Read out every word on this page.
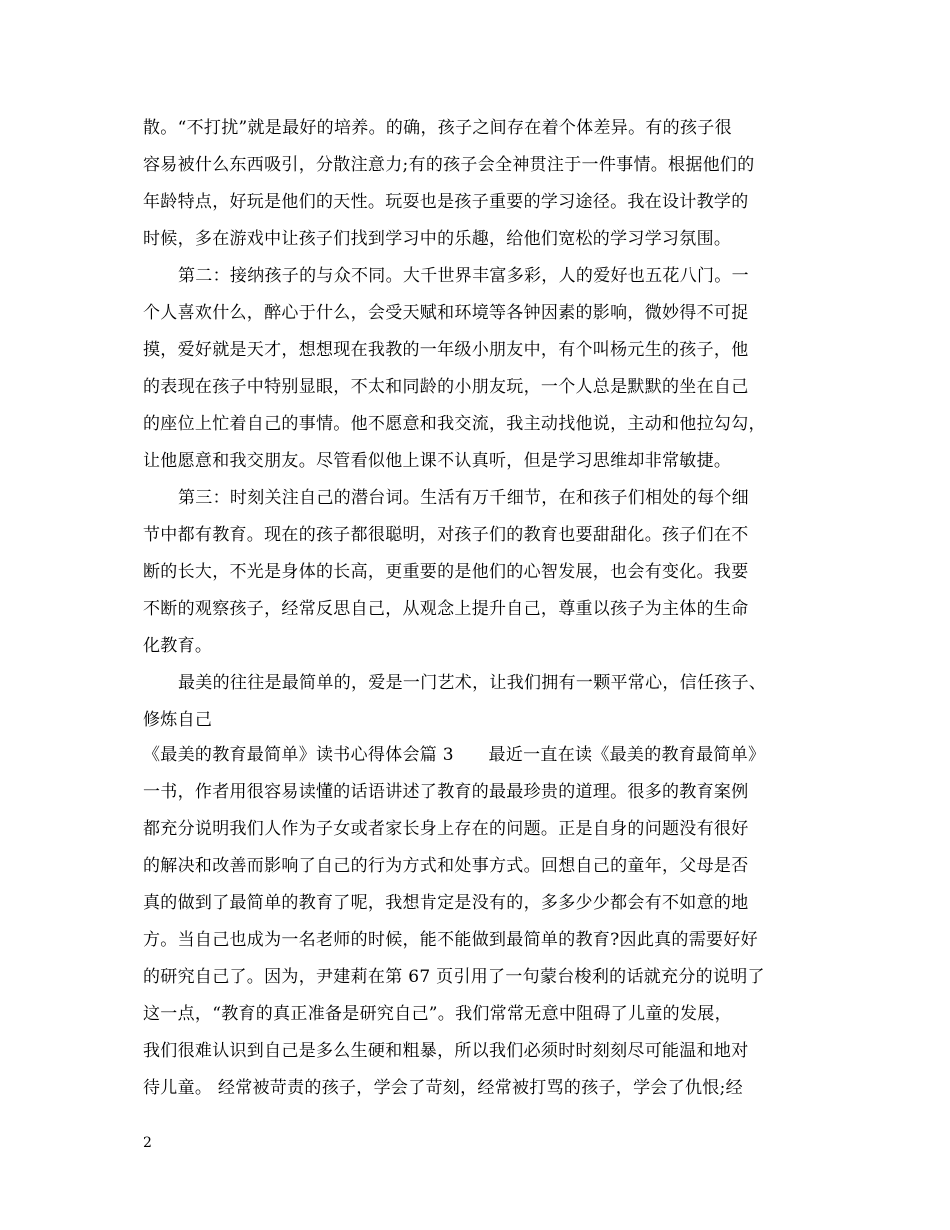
散。“不打扰”就是最好的培养。的确，孩子之间存在着个体差异。有的孩子很
容易被什么东西吸引，分散注意力;有的孩子会全神贯注于一件事情。根据他们的
年龄特点，好玩是他们的天性。玩耍也是孩子重要的学习途径。我在设计教学的
时候，多在游戏中让孩子们找到学习中的乐趣，给他们宽松的学习学习氛围。
第二：接纳孩子的与众不同。大千世界丰富多彩，人的爱好也五花八门。一
个人喜欢什么，醉心于什么，会受天赋和环境等各钟因素的影响，微妙得不可捉
摸，爱好就是天才，想想现在我教的一年级小朋友中，有个叫杨元生的孩子，他
的表现在孩子中特别显眼，不太和同龄的小朋友玩，一个人总是默默的坐在自己
的座位上忙着自己的事情。他不愿意和我交流，我主动找他说，主动和他拉勾勾，
让他愿意和我交朋友。尽管看似他上课不认真听，但是学习思维却非常敏捷。
第三：时刻关注自己的潜台词。生活有万千细节，在和孩子们相处的每个细
节中都有教育。现在的孩子都很聪明，对孩子们的教育也要甜甜化。孩子们在不
断的长大，不光是身体的长高，更重要的是他们的心智发展，也会有变化。我要
不断的观察孩子，经常反思自己，从观念上提升自己，尊重以孩子为主体的生命
化教育。
最美的往往是最简单的，爱是一门艺术，让我们拥有一颗平常心，信任孩子、
修炼自己
《最美的教育最简单》读书心得体会篇 3　　最近一直在读《最美的教育最简单》
一书，作者用很容易读懂的话语讲述了教育的最最珍贵的道理。很多的教育案例
都充分说明我们人作为子女或者家长身上存在的问题。正是自身的问题没有很好
的解决和改善而影响了自己的行为方式和处事方式。回想自己的童年，父母是否
真的做到了最简单的教育了呢，我想肯定是没有的，多多少少都会有不如意的地
方。当自己也成为一名老师的时候，能不能做到最简单的教育?因此真的需要好好
的研究自己了。因为，尹建莉在第 67 页引用了一句蒙台梭利的话就充分的说明了
这一点，“教育的真正准备是研究自己”。我们常常无意中阻碍了儿童的发展，
我们很难认识到自己是多么生硬和粗暴，所以我们必须时时刻刻尽可能温和地对
待儿童。 经常被苛责的孩子，学会了苛刻，经常被打骂的孩子，学会了仇恨;经
2
